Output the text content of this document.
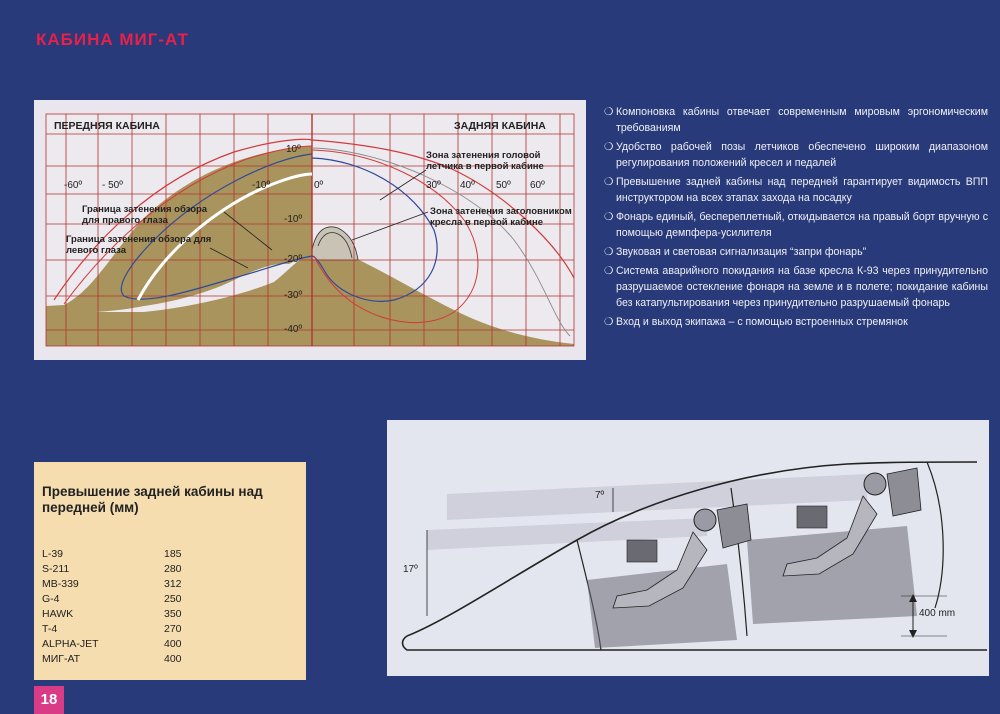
КАБИНА МИГ-АТ
ПЕРЕДНЯЯ КАБИНА	ЗАДНЯЯ КАБИНА
-60º - 50º	-10º	0º	30º 40º 50º 60º
10º
-10º
-20º
-30º
-40º
Граница затенения обзора для правого глаза
Граница затенения обзора для левого глаза
Зона затенения головой летчика в первой кабине
Зона затенения заголовником кресла в первой кабине
❍ Компоновка кабины отвечает современным мировым эргономическим требованиям
❍ Удобство рабочей позы летчиков обеспечено широким диапазоном регулирования положений кресел и педалей
❍ Превышение задней кабины над передней гарантирует видимость ВПП инструктором на всех этапах захода на посадку
❍ Фонарь единый, бесперeплетный, откидывается на правый борт вручную с помощью демпфера-усилителя
❍ Звуковая и световая сигнализация “запри фонарь”
❍ Система аварийного покидания на базе кресла К-93 через принудительно разрушаемое остекление фонаря на земле и в полете; покидание кабины без катапультирования через принудительно разрушаемый фонарь
❍ Вход и выход экипажа – с помощью встроенных стремянок
Превышение задней кабины над передней (мм)
L-39	185
S-211	280
MB-339	312
G-4	250
HAWK	350
T-4	270
ALPHA-JET	400
МИГ-АТ	400
7º
17º
400 mm
18
